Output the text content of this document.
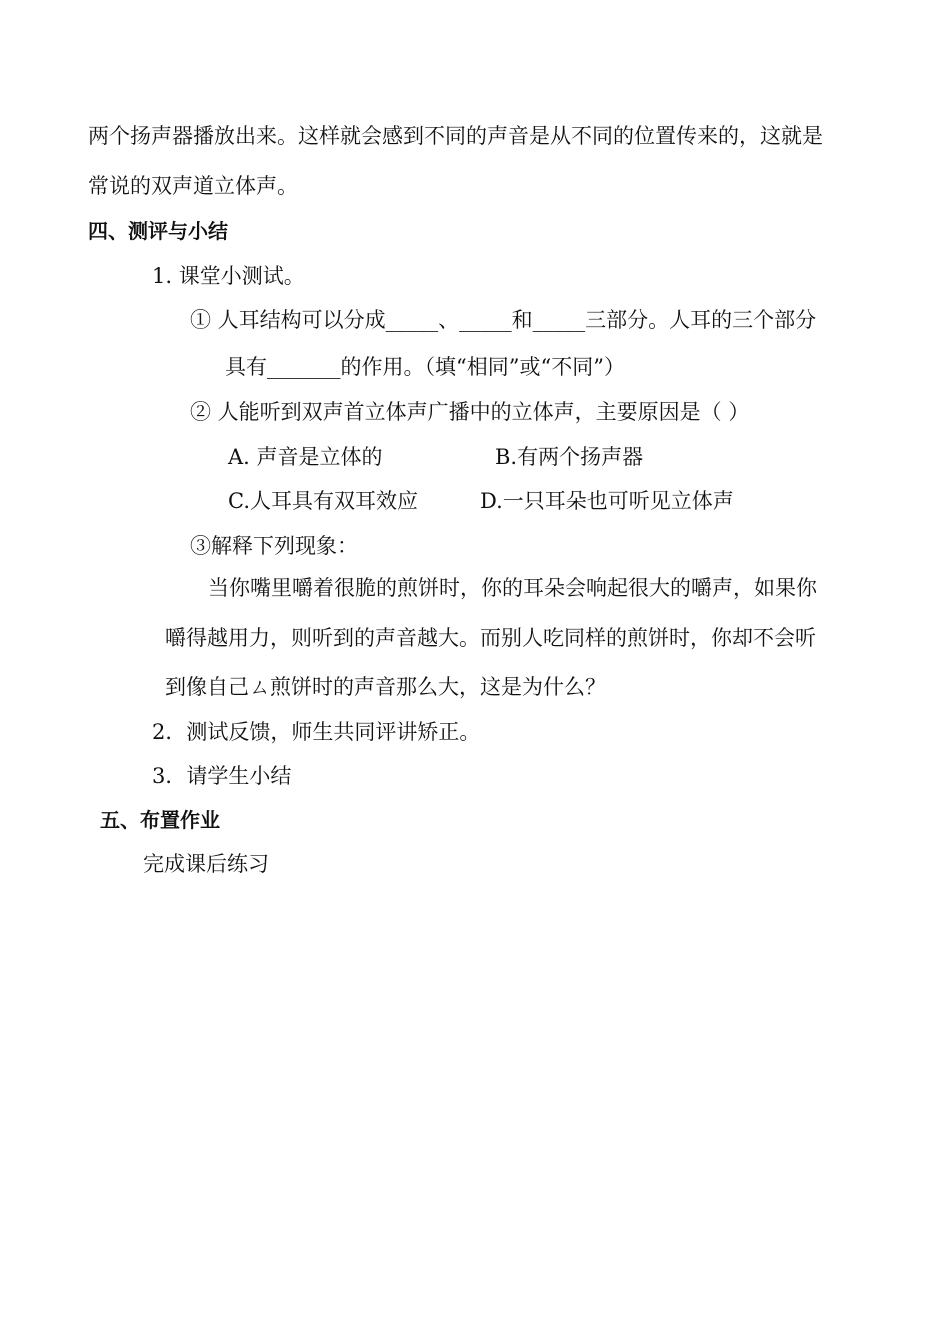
两个扬声器播放出来。这样就会感到不同的声音是从不同的位置传来的，这就是
常说的双声道立体声。
四、测评与小结
1. 课堂小测试。
① 人耳结构可以分成_____、_____和_____三部分。人耳的三个部分
具有_______的作用。（填“相同”或“不同”）
② 人能听到双声首立体声广播中的立体声，主要原因是（ ）
A. 声音是立体的	B.有两个扬声器
C.人耳具有双耳效应	D.一只耳朵也可听见立体声
③解释下列现象：
当你嘴里嚼着很脆的煎饼时，你的耳朵会响起很大的嚼声，如果你
嚼得越用力，则听到的声音越大。而别人吃同样的煎饼时，你却不会听
到像自己ㄙ煎饼时的声音那么大，这是为什么？
2．测试反馈，师生共同评讲矫正。
3．请学生小结
五、布置作业
完成课后练习
